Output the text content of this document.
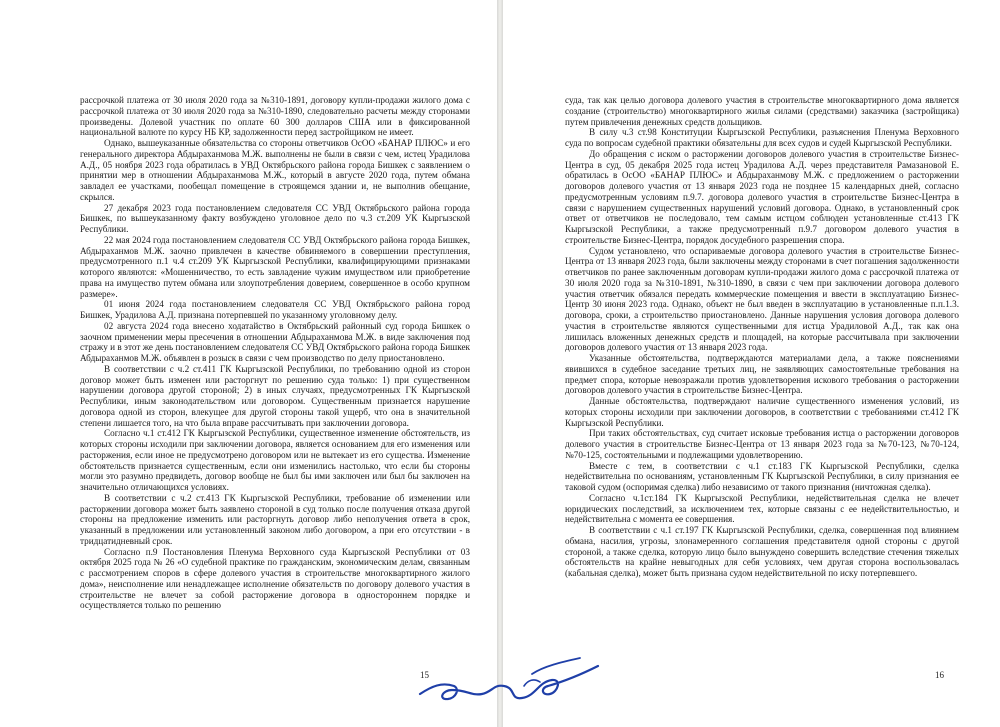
рассрочкой платежа от 30 июля 2020 года за №310-1891, договору купли-продажи жилого дома с рассрочкой платежа от 30 июля 2020 года за №310-1890, следовательно расчеты между сторонами произведены. Долевой участник по оплате 60 300 долларов США или в фиксированной национальной валюте по курсу НБ КР, задолженности перед застройщиком не имеет.

Однако, вышеуказанные обязательства со стороны ответчиков ОсОО «БАНАР ПЛЮС» и его генерального директора Абдыраханмова М.Ж. выполнены не были в связи с чем, истец Урадилова А.Д., 05 ноября 2023 года обратилась в УВД Октябрьского района города Бишкек с заявлением о принятии мер в отношении Абдыраханмова М.Ж., который в августе 2020 года, путем обмана завладел ее участками, пообещал помещение в строящемся здании и, не выполнив обещание, скрылся.

27 декабря 2023 года постановлением следователя СС УВД Октябрьского района города Бишкек, по вышеуказанному факту возбуждено уголовное дело по ч.3 ст.209 УК Кыргызской Республики.

22 мая 2024 года постановлением следователя СС УВД Октябрьского района города Бишкек, Абдыраханмов М.Ж. заочно привлечен в качестве обвиняемого в совершении преступления, предусмотренного п.1 ч.4 ст.209 УК Кыргызской Республики, квалифицирующими признаками которого являются: «Мошенничество, то есть завладение чужим имуществом или приобретение права на имущество путем обмана или злоупотребления доверием, совершенное в особо крупном размере».

01 июня 2024 года постановлением следователя СС УВД Октябрьского района город Бишкек, Урадилова А.Д. признана потерпевшей по указанному уголовному делу.

02 августа 2024 года внесено ходатайство в Октябрьский районный суд города Бишкек о заочном применении меры пресечения в отношении Абдыраханмова М.Ж. в виде заключения под стражу и в этот же день постановлением следователя СС УВД Октябрьского района города Бишкек Абдыраханмов М.Ж. объявлен в розыск в связи с чем производство по делу приостановлено.

В соответствии с ч.2 ст.411 ГК Кыргызской Республики, по требованию одной из сторон договор может быть изменен или расторгнут по решению суда только: 1) при существенном нарушении договора другой стороной; 2) в иных случаях, предусмотренных ГК Кыргызской Республики, иным законодательством или договором. Существенным признается нарушение договора одной из сторон, влекущее для другой стороны такой ущерб, что она в значительной степени лишается того, на что была вправе рассчитывать при заключении договора.

Согласно ч.1 ст.412 ГК Кыргызской Республики, существенное изменение обстоятельств, из которых стороны исходили при заключении договора, является основанием для его изменения или расторжения, если иное не предусмотрено договором или не вытекает из его существа. Изменение обстоятельств признается существенным, если они изменились настолько, что если бы стороны могли это разумно предвидеть, договор вообще не был бы ими заключен или был бы заключен на значительно отличающихся условиях.

В соответствии с ч.2 ст.413 ГК Кыргызской Республики, требование об изменении или расторжении договора может быть заявлено стороной в суд только после получения отказа другой стороны на предложение изменить или расторгнуть договор либо неполучения ответа в срок, указанный в предложении или установленный законом либо договором, а при его отсутствии - в тридцатидневный срок.

Согласно п.9 Постановления Пленума Верховного суда Кыргызской Республики от 03 октября 2025 года № 26 «О судебной практике по гражданским, экономическим делам, связанным с рассмотрением споров в сфере долевого участия в строительстве многоквартирного жилого дома», неисполнение или ненадлежащее исполнение обязательств по договору долевого участия в строительстве не влечет за собой расторжение договора в одностороннем порядке и осуществляется только по решению

15

суда, так как целью договора долевого участия в строительстве многоквартирного дома является создание (строительство) многоквартирного жилья силами (средствами) заказчика (застройщика) путем привлечения денежных средств дольщиков.

В силу ч.3 ст.98 Конституции Кыргызской Республики, разъяснения Пленума Верховного суда по вопросам судебной практики обязательны для всех судов и судей Кыргызской Республики.

До обращения с иском о расторжении договоров долевого участия в строительстве Бизнес-Центра в суд, 05 декабря 2025 года истец Урадилова А.Д. через представителя Рамазановой Е. обратилась в ОсОО «БАНАР ПЛЮС» и Абдыраханмову М.Ж. с предложением о расторжении договоров долевого участия от 13 января 2023 года не позднее 15 календарных дней, согласно предусмотренным условиям п.9.7. договора долевого участия в строительстве Бизнес-Центра в связи с нарушением существенных нарушений условий договора. Однако, в установленный срок ответ от ответчиков не последовало, тем самым истцом соблюден установленные ст.413 ГК Кыргызской Республики, а также предусмотренный п.9.7 договором долевого участия в строительстве Бизнес-Центра, порядок досудебного разрешения спора.

Судом установлено, что оспариваемые договора долевого участия в строительстве Бизнес-Центра от 13 января 2023 года, были заключены между сторонами в счет погашения задолженности ответчиков по ранее заключенным договорам купли-продажи жилого дома с рассрочкой платежа от 30 июля 2020 года за №310-1891, №310-1890, в связи с чем при заключении договора долевого участия ответчик обязался передать коммерческие помещения и ввести в эксплуатацию Бизнес-Центр 30 июня 2023 года. Однако, объект не был введен в эксплуатацию в установленные п.п.1.3. договора, сроки, а строительство приостановлено. Данные нарушения условия договора долевого участия в строительстве являются существенными для истца Урадиловой А.Д., так как она лишилась вложенных денежных средств и площадей, на которые рассчитывала при заключении договоров долевого участия от 13 января 2023 года.

Указанные обстоятельства, подтверждаются материалами дела, а также пояснениями явившихся в судебное заседание третьих лиц, не заявляющих самостоятельные требования на предмет спора, которые невозражали против удовлетворения искового требования о расторжении договоров долевого участия в строительстве Бизнес-Центра.

Данные обстоятельства, подтверждают наличие существенного изменения условий, из которых стороны исходили при заключении договоров, в соответствии с требованиями ст.412 ГК Кыргызской Республики.

При таких обстоятельствах, суд считает исковые требования истца о расторжении договоров долевого участия в строительстве Бизнес-Центра от 13 января 2023 года за №70-123, №70-124, №70-125, состоятельными и подлежащими удовлетворению.

Вместе с тем, в соответствии с ч.1 ст.183 ГК Кыргызской Республики, сделка недействительна по основаниям, установленным ГК Кыргызской Республики, в силу признания ее таковой судом (оспоримая сделка) либо независимо от такого признания (ничтожная сделка).

Согласно ч.1ст.184 ГК Кыргызской Республики, недействительная сделка не влечет юридических последствий, за исключением тех, которые связаны с ее недействительностью, и недействительна с момента ее совершения.

В соответствии с ч.1 ст.197 ГК Кыргызской Республики, сделка, совершенная под влиянием обмана, насилия, угрозы, злонамеренного соглашения представителя одной стороны с другой стороной, а также сделка, которую лицо было вынуждено совершить вследствие стечения тяжелых обстоятельств на крайне невыгодных для себя условиях, чем другая сторона воспользовалась (кабальная сделка), может быть признана судом недействительной по иску потерпевшего.

16
